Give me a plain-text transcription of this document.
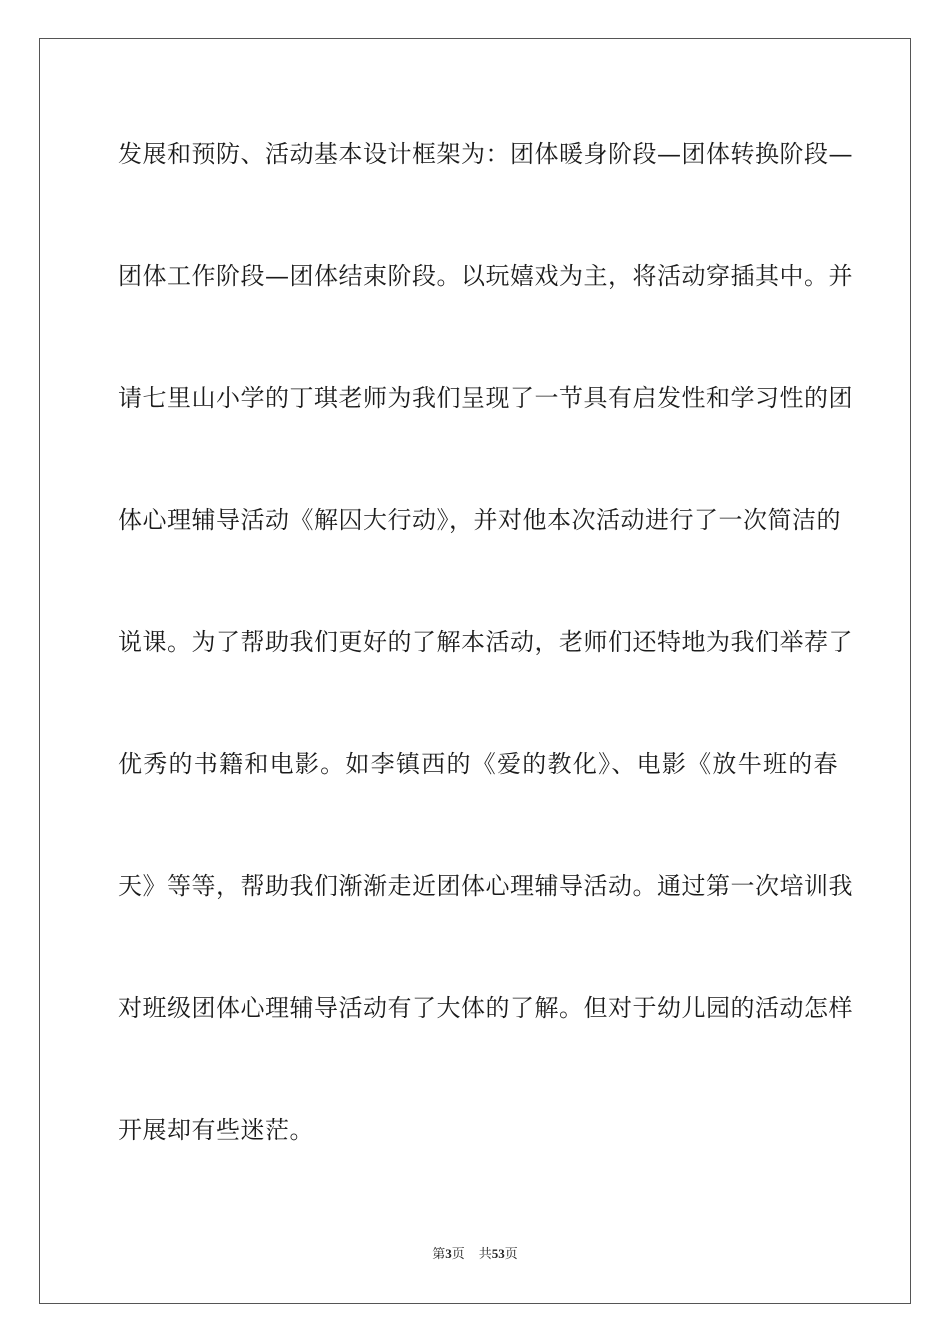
发展和预防、活动基本设计框架为：团体暖身阶段—团体转换阶段—
团体工作阶段—团体结束阶段。以玩嬉戏为主，将活动穿插其中。并
请七里山小学的丁琪老师为我们呈现了一节具有启发性和学习性的团
体心理辅导活动《解囚大行动》，并对他本次活动进行了一次简洁的
说课。为了帮助我们更好的了解本活动，老师们还特地为我们举荐了
优秀的书籍和电影。如李镇西的《爱的教化》、电影《放牛班的春
天》等等，帮助我们渐渐走近团体心理辅导活动。通过第一次培训我
对班级团体心理辅导活动有了大体的了解。但对于幼儿园的活动怎样
开展却有些迷茫。
第3页 共53页
